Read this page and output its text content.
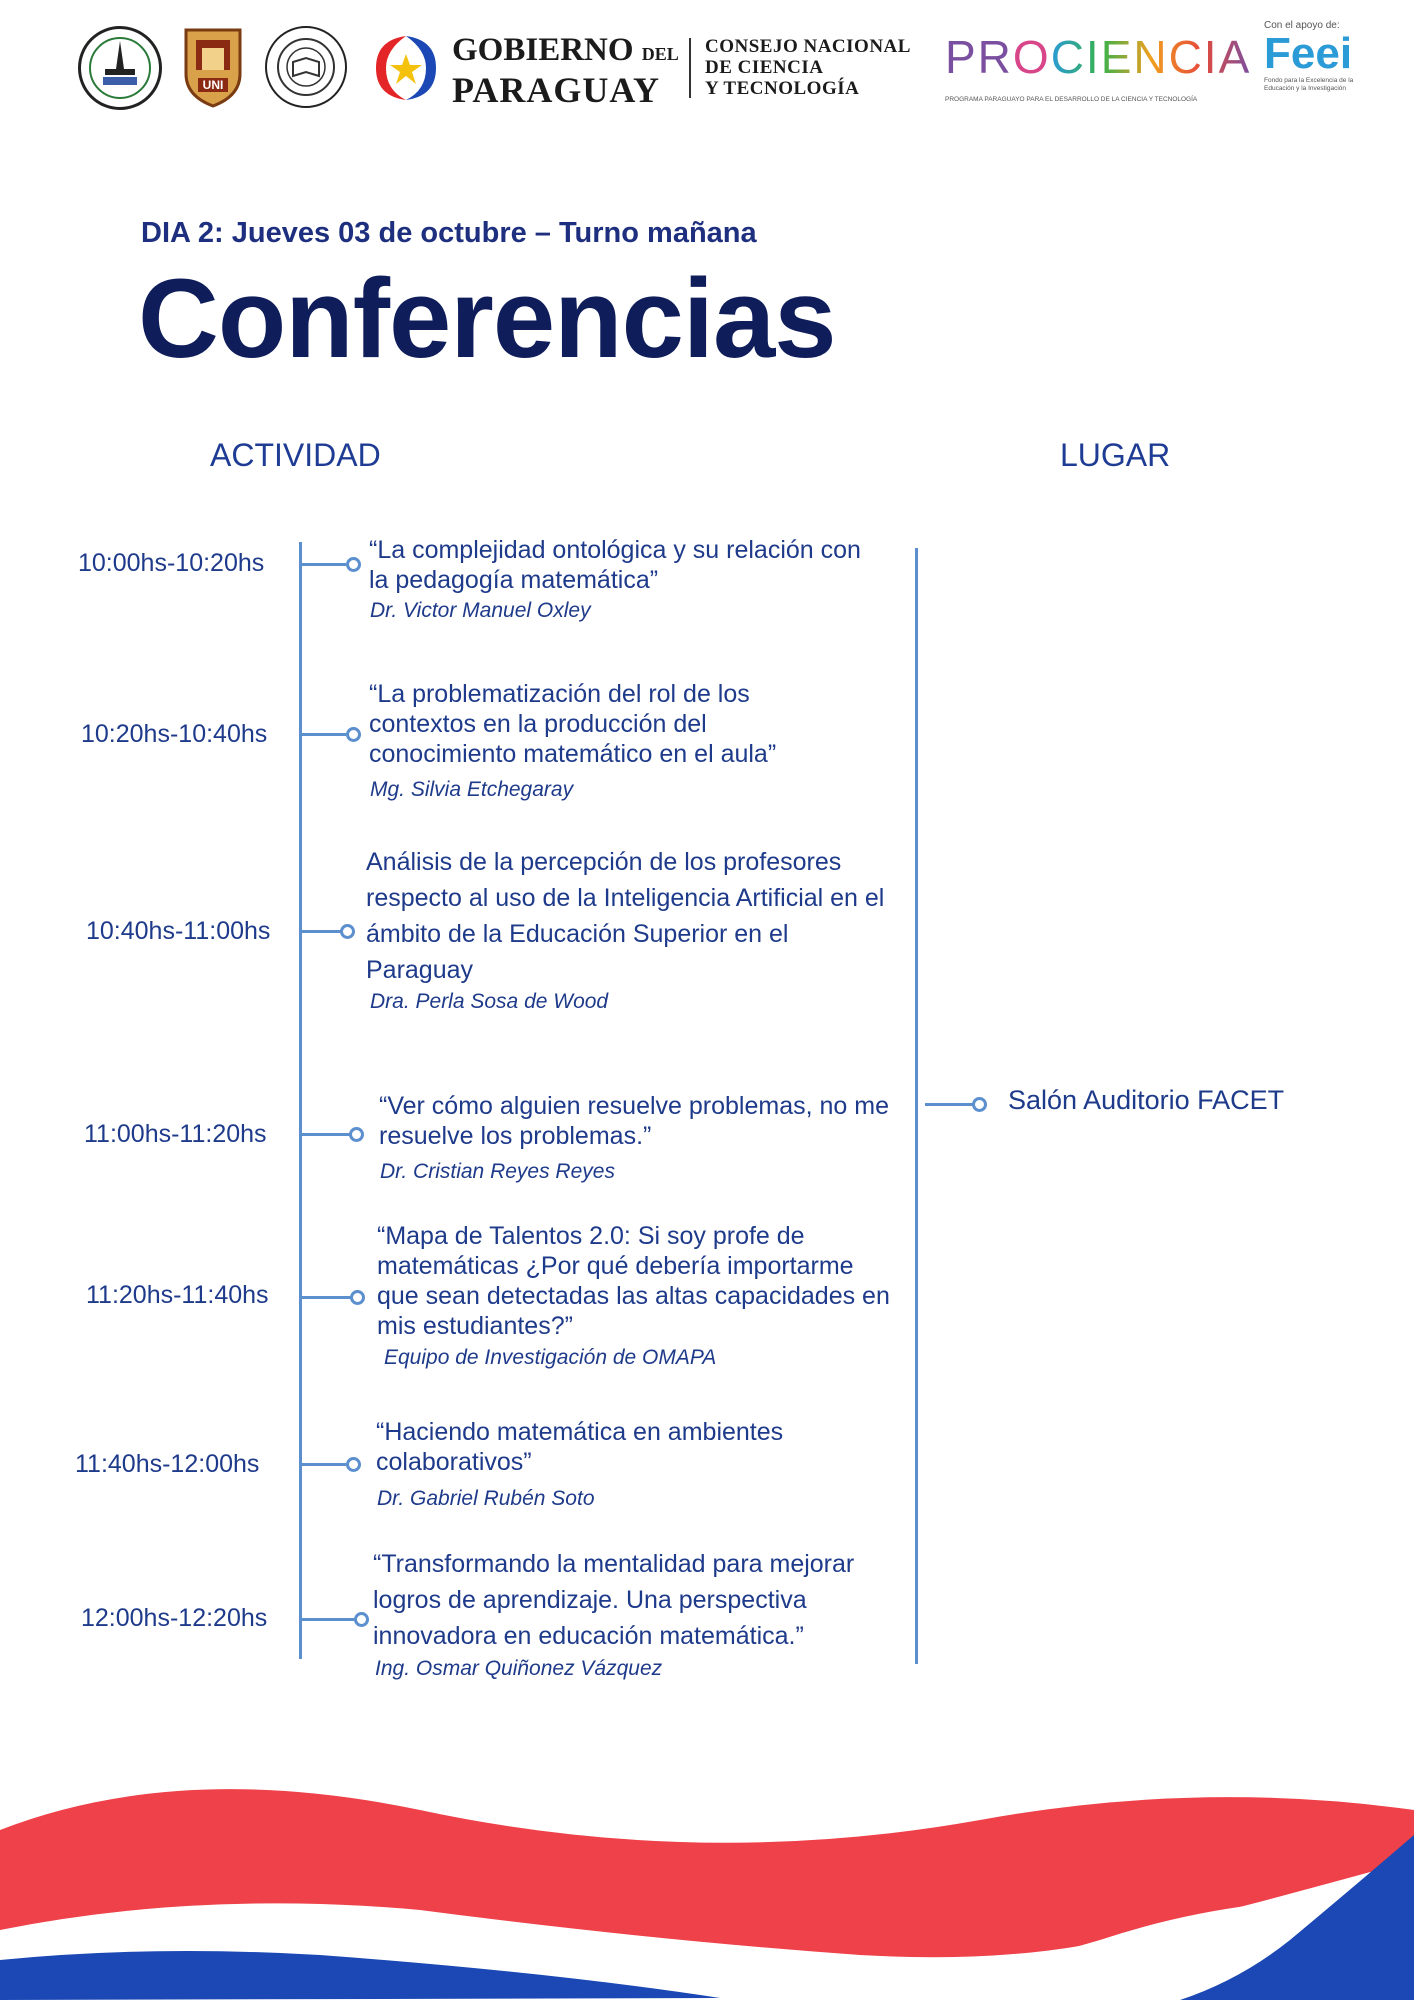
UNI
GOBIERNO DEL
PARAGUAY
CONSEJO NACIONAL
DE CIENCIA
Y TECNOLOGÍA
PROCIENCIA
PROGRAMA PARAGUAYO PARA EL DESARROLLO DE LA CIENCIA Y TECNOLOGÍA
Con el apoyo de:
Feei
Fondo para la Excelencia de la Educación y la Investigación
DIA 2: Jueves 03 de octubre – Turno mañana
Conferencias
ACTIVIDAD	LUGAR
10:00hs-10:20hs	“La complejidad ontológica y su relación con la pedagogía matemática”
Dr. Victor Manuel Oxley
10:20hs-10:40hs
“La problematización del rol de los contextos en la producción del conocimiento matemático en el aula”
Mg. Silvia Etchegaray
10:40hs-11:00hs
Análisis de la percepción de los profesores respecto al uso de la Inteligencia Artificial en el ámbito de la Educación Superior en el Paraguay
Dra. Perla Sosa de Wood
11:00hs-11:20hs
“Ver cómo alguien resuelve problemas, no me resuelve los problemas.”
Dr. Cristian Reyes Reyes
11:20hs-11:40hs
“Mapa de Talentos 2.0: Si soy profe de matemáticas ¿Por qué debería importarme que sean detectadas las altas capacidades en mis estudiantes?”
Equipo de Investigación de OMAPA
11:40hs-12:00hs
“Haciendo matemática en ambientes colaborativos”
Dr. Gabriel Rubén Soto
12:00hs-12:20hs
“Transformando la mentalidad para mejorar logros de aprendizaje. Una perspectiva innovadora en educación matemática.”
Ing. Osmar Quiñonez Vázquez
Salón Auditorio FACET
